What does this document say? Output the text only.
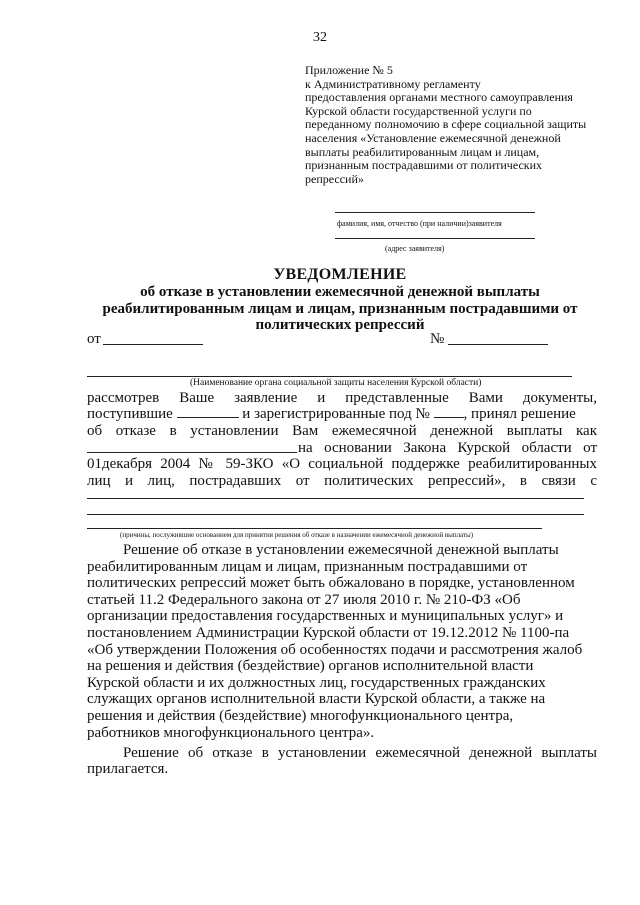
32
Приложение № 5
к Административному регламенту
предоставления органами местного самоуправления
Курской области государственной услуги по
переданному полномочию в сфере социальной защиты
населения «Установление ежемесячной денежной
выплаты реабилитированным лицам и лицам,
признанным пострадавшими от политических
репрессий»
фамилия, имя, отчество (при наличии)заявителя
(адрес заявителя)
УВЕДОМЛЕНИЕ
об отказе в установлении ежемесячной денежной выплаты
реабилитированным лицам и лицам, признанным пострадавшими от
политических репрессий
от	№
(Наименование органа социальной защиты населения Курской области)
рассмотрев Ваше заявление и представленные Вами документы,
поступившие	и зарегистрированные под № , принял решение
об отказе в установлении Вам ежемесячной денежной выплаты как
на основании Закона Курской области от
01декабря 2004 № 59-ЗКО «О социальной поддержке реабилитированных
лиц и лиц, пострадавших от политических репрессий», в связи с
(причины, послужившие основанием для принятия решения об отказе в назначении ежемесячной денежной выплаты)
Решение об отказе в установлении ежемесячной денежной выплаты
реабилитированным лицам и лицам, признанным пострадавшими от
политических репрессий может быть обжаловано в порядке, установленном
статьей 11.2 Федерального закона от 27 июля 2010 г. № 210-ФЗ «Об
организации предоставления государственных и муниципальных услуг» и
постановлением Администрации Курской области от 19.12.2012 № 1100-па
«Об утверждении Положения об особенностях подачи и рассмотрения жалоб
на решения и действия (бездействие) органов исполнительной власти
Курской области и их должностных лиц, государственных гражданских
служащих органов исполнительной власти Курской области, а также на
решения и действия (бездействие) многофункционального центра,
работников многофункционального центра».
Решение об отказе в установлении ежемесячной денежной выплаты
прилагается.
